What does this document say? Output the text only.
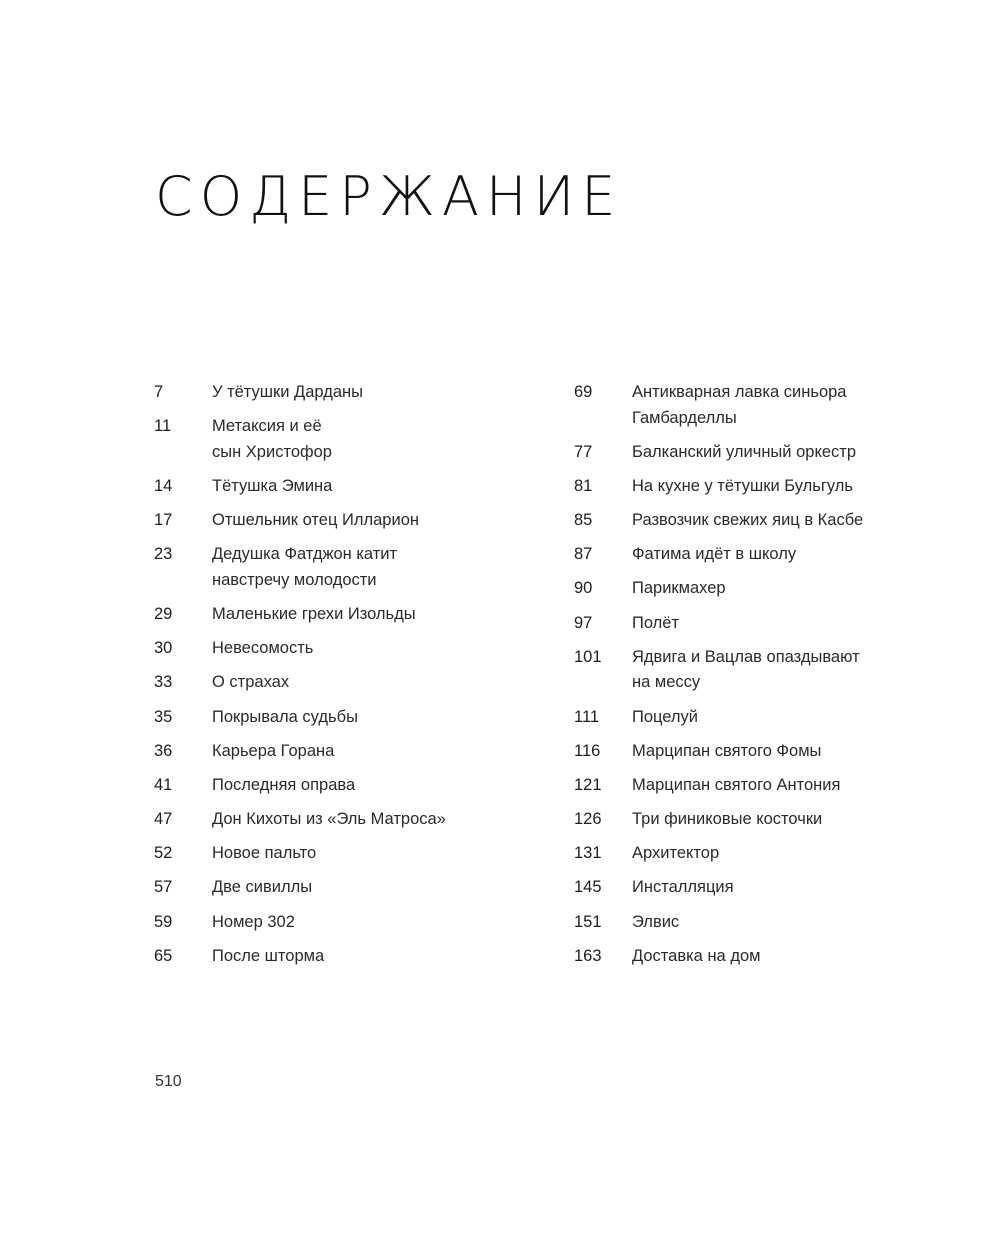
СОДЕРЖАНИЕ
7	У тётушки Дарданы
11	Метаксия и её
сын Христофор
14	Тётушка Эмина
17	Отшельник отец Илларион
23	Дедушка Фатджон катит
навстречу молодости
29	Маленькие грехи Изольды
30	Невесомость
33	О страхах
35	Покрывала судьбы
36	Карьера Горана
41	Последняя оправа
47	Дон Кихоты из «Эль Матроса»
52	Новое пальто
57	Две сивиллы
59	Номер 302
65	После шторма
69	Антикварная лавка синьора
Гамбарделлы
77	Балканский уличный оркестр
81	На кухне у тётушки Бульгуль
85	Развозчик свежих яиц в Касбе
87	Фатима идёт в школу
90	Парикмахер
97	Полёт
101	Ядвига и Вацлав опаздывают
на мессу
111	Поцелуй
116	Марципан святого Фомы
121	Марципан святого Антония
126	Три финиковые косточки
131	Архитектор
145	Инсталляция
151	Элвис
163	Доставка на дом
510
